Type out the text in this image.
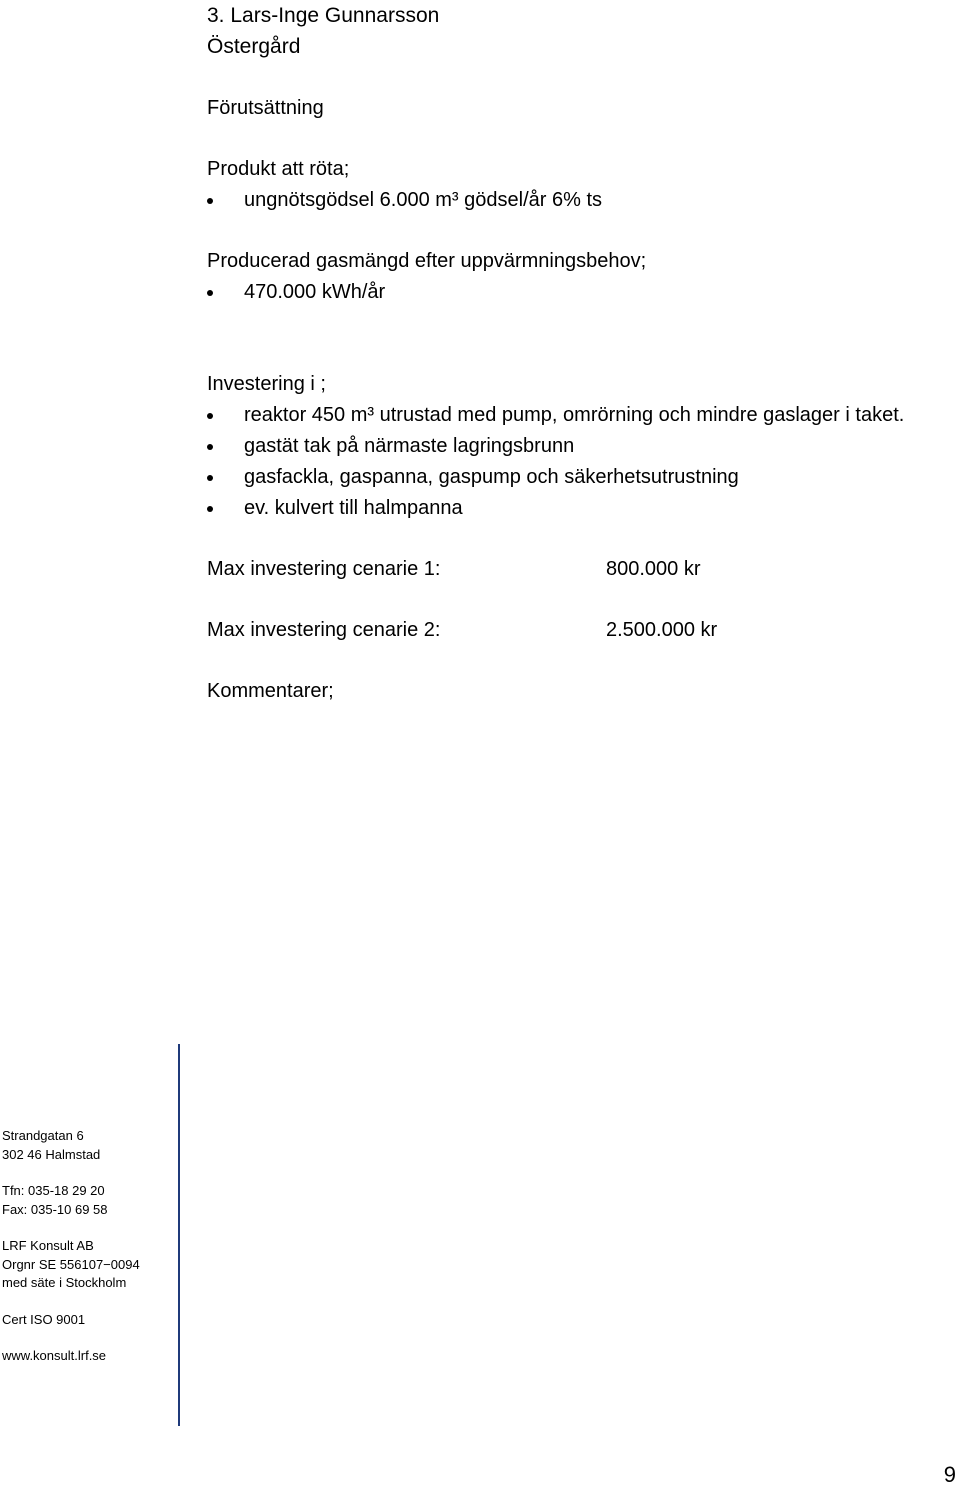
3. Lars-Inge Gunnarsson
Östergård
Förutsättning
Produkt att röta;
ungnötsgödsel 6.000 m³ gödsel/år 6% ts
Producerad gasmängd efter uppvärmningsbehov;
470.000 kWh/år
Investering i ;
reaktor 450 m³ utrustad med pump, omrörning och mindre gaslager i taket.
gastät tak på närmaste lagringsbrunn
gasfackla, gaspanna, gaspump och säkerhetsutrustning
ev. kulvert till halmpanna
Max investering cenarie 1:	800.000 kr
Max investering cenarie 2:	2.500.000 kr
Kommentarer;
Strandgatan 6
302 46 Halmstad
Tfn: 035-18 29 20
Fax: 035-10 69 58
LRF Konsult AB
Orgnr SE 556107−0094
med säte i Stockholm
Cert ISO 9001
www.konsult.lrf.se
9
